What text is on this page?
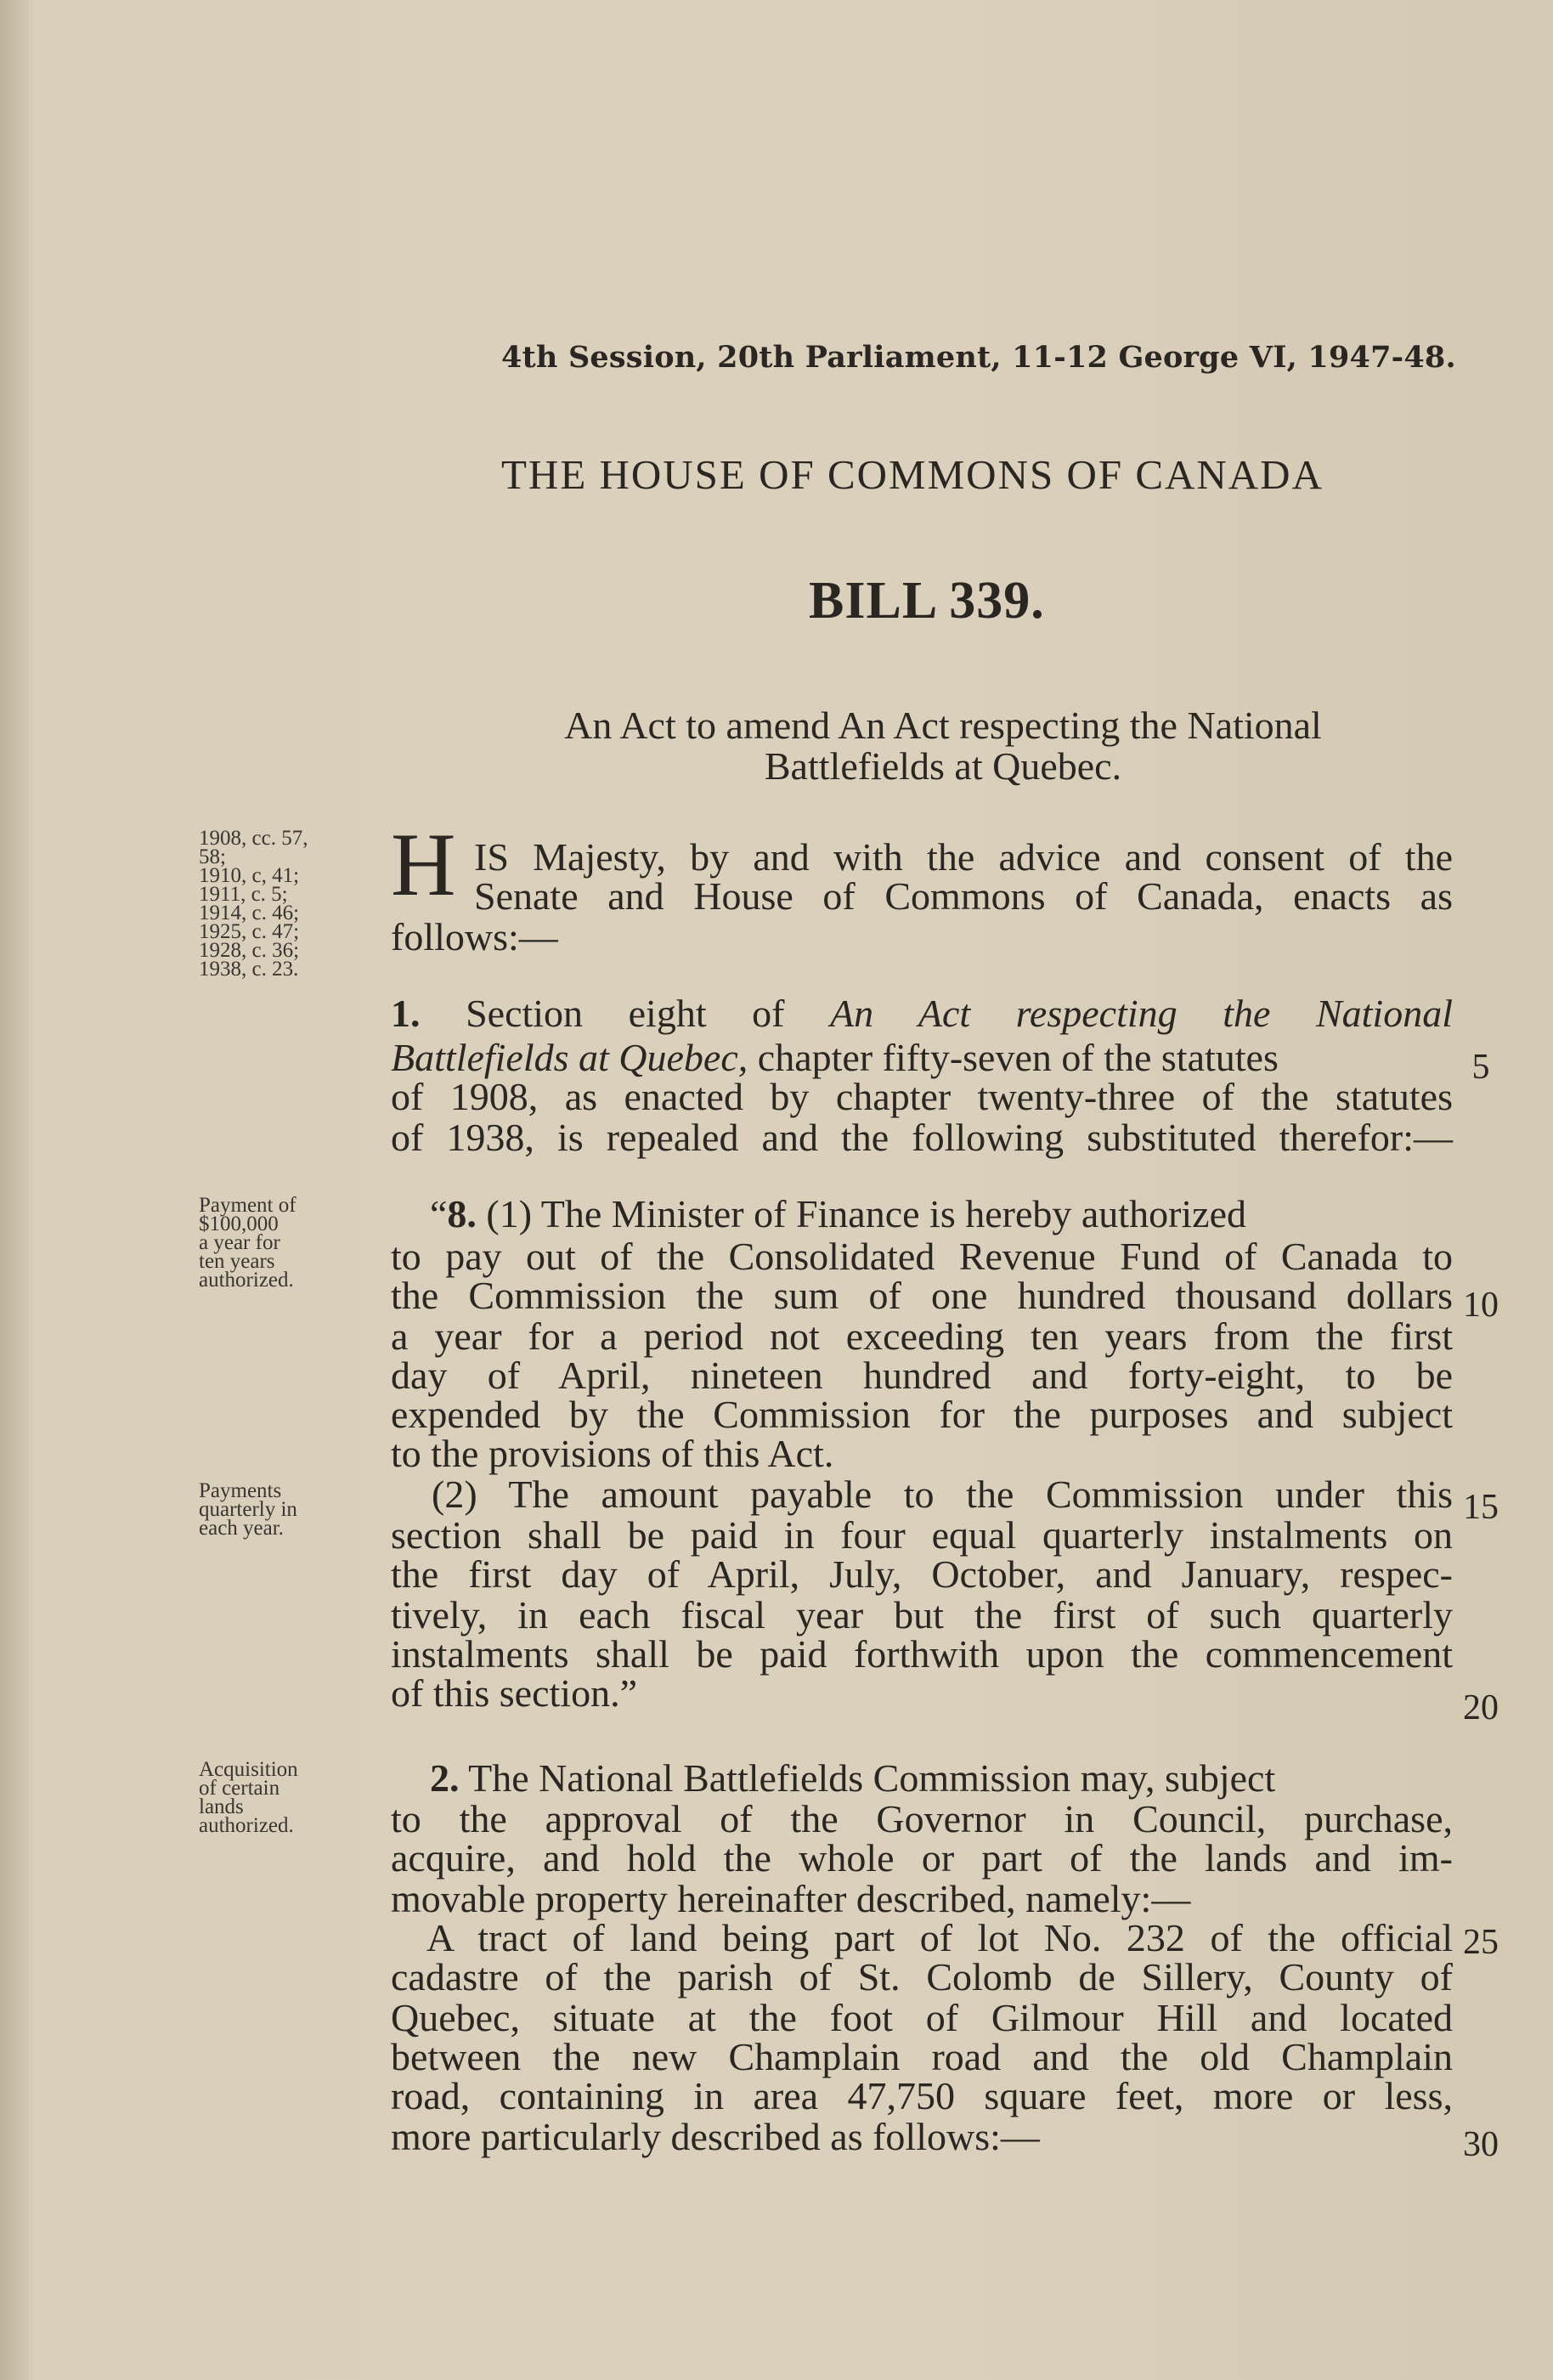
4th Session, 20th Parliament, 11-12 George VI, 1947-48.

THE HOUSE OF COMMONS OF CANADA

BILL 339.

An Act to amend An Act respecting the National
Battlefields at Quebec.
1908, cc. 57,
58;
1910, c, 41;
1911, c. 5;
1914, c. 46;
1925, c. 47;
1928, c. 36;
1938, c. 23.
Payment of
$100,000
a year for
ten years
authorized.
Payments
quarterly in
each year.
Acquisition
of certain
lands
authorized.
H IS Majesty, by and with the advice and consent of the
Senate and House of Commons of Canada, enacts as
follows:—
1. Section eight of An Act respecting the National
Battlefields at Quebec, chapter fifty-seven of the statutes
of 1908, as enacted by chapter twenty-three of the statutes
of 1938, is repealed and the following substituted therefor:—
“8. (1) The Minister of Finance is hereby authorized
to pay out of the Consolidated Revenue Fund of Canada to
the Commission the sum of one hundred thousand dollars
a year for a period not exceeding ten years from the first
day of April, nineteen hundred and forty-eight, to be
expended by the Commission for the purposes and subject
to the provisions of this Act.
(2) The amount payable to the Commission under this
section shall be paid in four equal quarterly instalments on
the first day of April, July, October, and January, respec-
tively, in each fiscal year but the first of such quarterly
instalments shall be paid forthwith upon the commencement
of this section.”
2. The National Battlefields Commission may, subject
to the approval of the Governor in Council, purchase,
acquire, and hold the whole or part of the lands and im-
movable property hereinafter described, namely:—
A tract of land being part of lot No. 232 of the official
cadastre of the parish of St. Colomb de Sillery, County of
Quebec, situate at the foot of Gilmour Hill and located
between the new Champlain road and the old Champlain
road, containing in area 47,750 square feet, more or less,
more particularly described as follows:—
5
10
15
20
25
30
